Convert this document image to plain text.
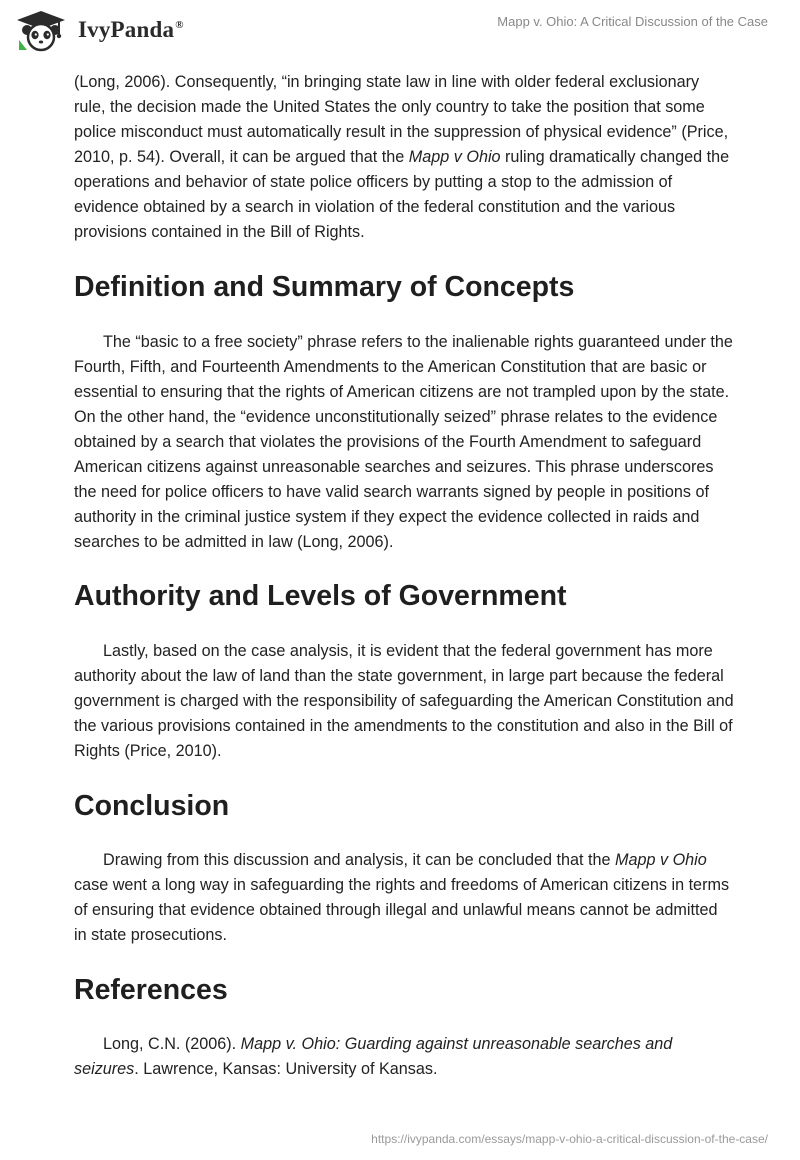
IvyPanda®	Mapp v. Ohio: A Critical Discussion of the Case

(Long, 2006). Consequently, “in bringing state law in line with older federal exclusionary rule, the decision made the United States the only country to take the position that some police misconduct must automatically result in the suppression of physical evidence” (Price, 2010, p. 54). Overall, it can be argued that the Mapp v Ohio ruling dramatically changed the operations and behavior of state police officers by putting a stop to the admission of evidence obtained by a search in violation of the federal constitution and the various provisions contained in the Bill of Rights.

Definition and Summary of Concepts

The “basic to a free society” phrase refers to the inalienable rights guaranteed under the Fourth, Fifth, and Fourteenth Amendments to the American Constitution that are basic or essential to ensuring that the rights of American citizens are not trampled upon by the state. On the other hand, the “evidence unconstitutionally seized” phrase relates to the evidence obtained by a search that violates the provisions of the Fourth Amendment to safeguard American citizens against unreasonable searches and seizures. This phrase underscores the need for police officers to have valid search warrants signed by people in positions of authority in the criminal justice system if they expect the evidence collected in raids and searches to be admitted in law (Long, 2006).

Authority and Levels of Government

Lastly, based on the case analysis, it is evident that the federal government has more authority about the law of land than the state government, in large part because the federal government is charged with the responsibility of safeguarding the American Constitution and the various provisions contained in the amendments to the constitution and also in the Bill of Rights (Price, 2010).

Conclusion

Drawing from this discussion and analysis, it can be concluded that the Mapp v Ohio case went a long way in safeguarding the rights and freedoms of American citizens in terms of ensuring that evidence obtained through illegal and unlawful means cannot be admitted in state prosecutions.

References

Long, C.N. (2006). Mapp v. Ohio: Guarding against unreasonable searches and seizures. Lawrence, Kansas: University of Kansas.

https://ivypanda.com/essays/mapp-v-ohio-a-critical-discussion-of-the-case/
